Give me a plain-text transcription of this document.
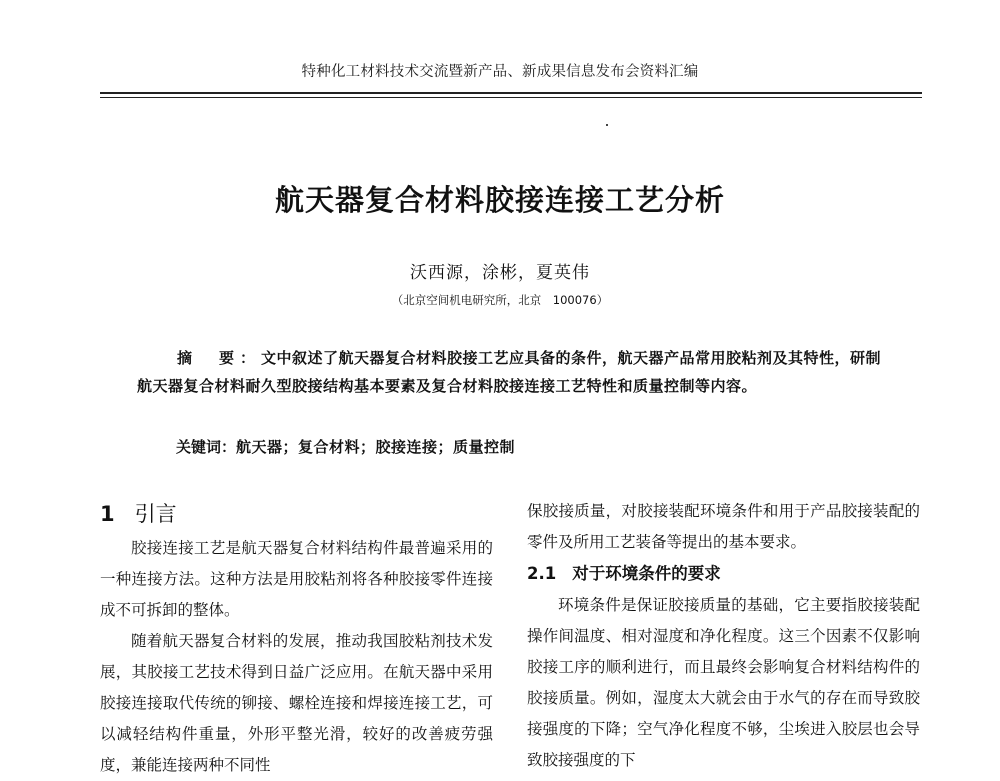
特种化工材料技术交流暨新产品、新成果信息发布会资料汇编
航天器复合材料胶接连接工艺分析
沃西源，涂彬，夏英伟
（北京空间机电研究所，北京　100076）
摘　要：文中叙述了航天器复合材料胶接工艺应具备的条件，航天器产品常用胶粘剂及其特性，研制航天器复合材料耐久型胶接结构基本要素及复合材料胶接连接工艺特性和质量控制等内容。
关键词：航天器；复合材料；胶接连接；质量控制
1 引言

胶接连接工艺是航天器复合材料结构件最普遍采用的一种连接方法。这种方法是用胶粘剂将各种胶接零件连接成不可拆卸的整体。

随着航天器复合材料的发展，推动我国胶粘剂技术发展，其胶接工艺技术得到日益广泛应用。在航天器中采用胶接连接取代传统的铆接、螺栓连接和焊接连接工艺，可以减轻结构件重量，外形平整光滑，较好的改善疲劳强度，兼能连接两种不同性

保胶接质量，对胶接装配环境条件和用于产品胶接装配的零件及所用工艺装备等提出的基本要求。

2.1 对于环境条件的要求

环境条件是保证胶接质量的基础，它主要指胶接装配操作间温度、相对湿度和净化程度。这三个因素不仅影响胶接工序的顺利进行，而且最终会影响复合材料结构件的胶接质量。例如，湿度太大就会由于水气的存在而导致胶接强度的下降；空气净化程度不够，尘埃进入胶层也会导致胶接强度的下
